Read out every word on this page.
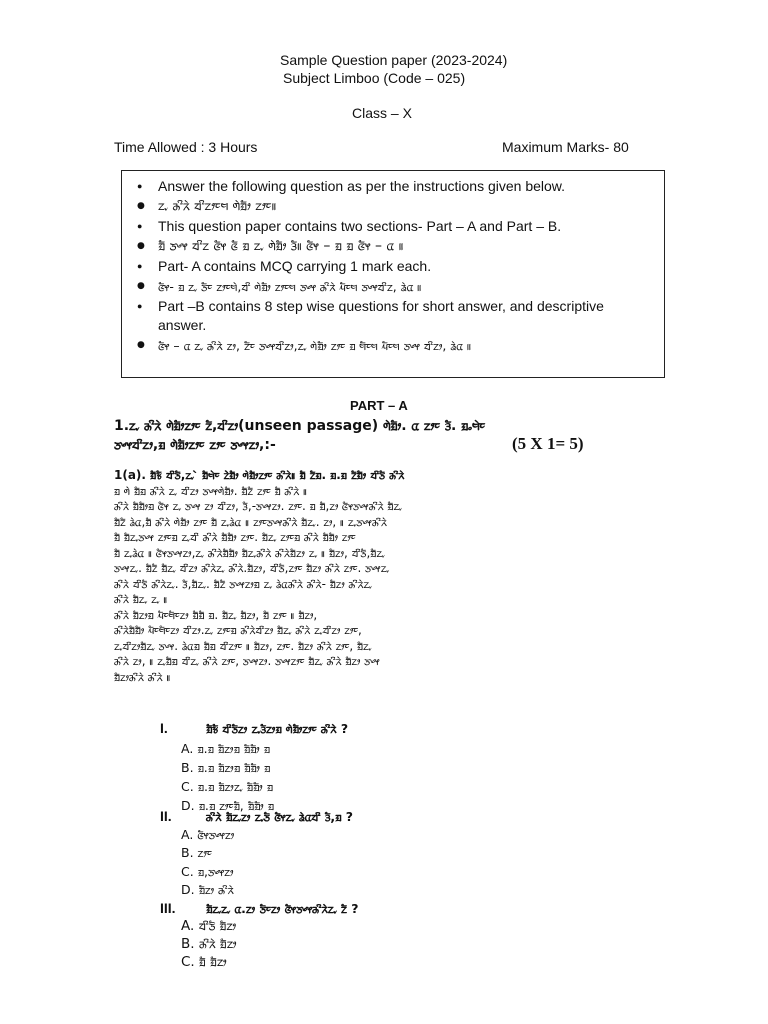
Sample Question paper (2023-2024)
Subject Limboo (Code – 025)
Class – X
Time Allowed : 3 Hours	Maximum Marks- 80
● Answer the following question as per the instructions given below.
● ᤁᤩ ᤌᤡᤖᤧ ᤔᤡᤁᤣᤰᤗ ᤛᤧᤀᤥ ᤁᤣᤰ॥
● This question paper contains two sections- Part – A and Part – B.
● ᤀᤠ ᤍᤴᤶ ᤔᤡᤁ ᤜᤠᤶ ᤜᤠ ᤀ ᤁᤩ ᤛᤧᤀᤥ ᤋᤠ॥ ᤜᤠᤶ – ᤀ ᤀ ᤜᤠᤶ – ᤂ ॥
● Part- A contains MCQ carrying 1 mark each.
● ᤜᤠᤶ- ᤀ ᤁᤩ ᤍᤠᤰ ᤁᤣᤰᤗᤧ,ᤔᤡ ᤛᤧᤀᤥ ᤁᤣᤰᤗ ᤍᤴᤶ ᤌᤡᤖᤧ ᤘᤠᤰᤗ ᤍᤴᤶᤔᤡᤁ, ᤕᤧᤂ ॥
● Part –B contains 8 step wise questions for short answer, and descriptive answer.
● ᤜᤠᤶ – ᤂ ᤁᤩ ᤌᤡᤖᤧ ᤁᤣ, ᤁᤠᤰ ᤍᤴᤶᤔᤡᤁᤣ,ᤁᤩ ᤛᤧᤀᤥ ᤁᤣᤰ ᤀ ᤗᤠᤰᤗ ᤘᤠᤰᤗ ᤍᤴᤶ ᤔᤡᤁᤣ, ᤕᤧᤂ ॥
PART – A
1.ᤁᤩ ᤌᤡᤖᤧ ᤛᤧᤀᤥᤁᤣᤰ ᤁᤠ,ᤔᤡᤁᤣ(unseen passage) ᤛᤧᤀᤥ. ᤂ ᤁᤣᤰ ᤋᤠ. ᤀᤱᤗᤧᤰ
ᤍᤴᤶᤔᤡᤁᤣ,ᤀ ᤛᤧᤀᤥᤁᤣᤰ ᤁᤣᤰ ᤍᤴᤶᤁᤣ,:-	(5 X 1= 5)
1(a). ᤀᤠᤃᤠ ᤔᤡᤍᤠ,ᤁᤩ ᤧ ᤀᤠᤗᤧᤰ ᤁᤧᤧᤀᤥ ᤛᤧᤀᤥᤁᤣᤰ ᤌᤡᤖᤧ॥ ᤀᤠ ᤁᤠᤀ. ᤀ.ᤀ ᤁᤠᤀᤥ ᤔᤡᤍᤠ ᤌᤡᤖᤧ
ᤀ ᤛᤧ ᤀᤠᤀ ᤌᤡᤖᤧ ᤁᤩ ᤔᤡᤁᤣ ᤍᤴᤶᤛᤧᤀᤥ. ᤀᤠᤁᤠ ᤁᤣᤰ ᤀᤠ ᤌᤡᤖᤧ ॥
ᤌᤡᤖᤧ ᤀᤠᤀᤥᤀ ᤜᤠᤶ ᤁᤩ ᤍᤴᤶ ᤁᤣ ᤔᤡᤁᤣ, ᤋᤠ,-ᤍᤴᤶᤁᤣ. ᤁᤣᤰ. ᤀ ᤀᤠ,ᤁᤣ ᤜᤠᤶᤍᤴᤶᤌᤡᤖᤧ ᤀᤠᤁᤩ
ᤀᤠᤁᤠ ᤕᤧᤂ,ᤀᤠ ᤌᤡᤖᤧ ᤛᤧᤀᤥ ᤁᤣᤰ ᤀᤠ ᤁᤩᤕᤧᤂ ॥ ᤁᤣᤰᤍᤴᤶᤌᤡᤖᤧ ᤀᤠᤁᤩ. ᤁᤣ, ॥ ᤁᤩᤍᤴᤶᤌᤡᤖᤧ
ᤀᤠ ᤀᤠᤁᤩᤍᤴᤶ ᤁᤣᤰᤀ ᤁᤩᤔᤡ ᤌᤡᤖᤧ ᤀᤠᤀᤥ ᤁᤣᤰ. ᤀᤠᤁᤩ ᤁᤣᤰᤀ ᤌᤡᤖᤧ ᤀᤠᤀᤥ ᤁᤣᤰ
ᤀᤠ ᤁᤩᤕᤧᤂ ॥ ᤜᤠᤶᤍᤴᤶᤁᤣ,ᤁᤩ ᤌᤡᤖᤧᤀᤠᤀᤥ ᤀᤠᤁᤩᤌᤡᤖᤧ ᤌᤡᤖᤧᤀᤠᤁᤣ ᤁᤩ ॥ ᤀᤠᤁᤣ, ᤔᤡᤍᤠ,ᤀᤠᤁᤩ
ᤍᤴᤶᤁᤩ. ᤀᤠᤁᤠ ᤀᤠᤁᤩ ᤔᤡᤁᤣ ᤌᤡᤖᤧᤁᤩ ᤌᤡᤖᤧ.ᤀᤠᤁᤣ, ᤔᤡᤍᤠ,ᤁᤣᤰ ᤀᤠᤁᤣ ᤌᤡᤖᤧ ᤁᤣᤰ. ᤍᤴᤶᤁᤩ
ᤌᤡᤖᤧ ᤔᤡᤍᤠ ᤌᤡᤖᤧᤁᤩ. ᤋᤠ,ᤀᤠᤁᤩ. ᤀᤠᤁᤠ ᤍᤴᤶᤁᤣᤀ ᤁᤩ ᤕᤧᤂᤌᤡᤖᤧ ᤌᤡᤖᤧ- ᤀᤠᤁᤣ ᤌᤡᤖᤧᤁᤩ
ᤌᤡᤖᤧ ᤀᤠᤁᤩ ᤁᤩ ॥
ᤌᤡᤖᤧ ᤀᤠᤁᤣᤀ ᤘᤠᤰᤗᤠᤰᤁᤣ ᤀᤠᤀᤠ ᤀ. ᤀᤠᤁᤩ ᤀᤠᤁᤣ, ᤀᤠ ᤁᤣᤰ ॥ ᤀᤠᤁᤣ,
ᤌᤡᤖᤧᤀᤠᤀᤥ ᤘᤠᤰᤗᤠᤰᤁᤣ ᤔᤡᤁᤣ.ᤁᤩ ᤁᤣᤰᤀ ᤌᤡᤖᤧᤔᤡᤁᤣ ᤀᤠᤁᤩ ᤌᤡᤖᤧ ᤁᤩᤔᤡᤁᤣ ᤁᤣᤰ,
ᤁᤩᤔᤡᤁᤣᤀᤠᤁᤩ ᤍᤴᤶ. ᤕᤧᤂᤀ ᤀᤠᤀ ᤔᤡᤁᤣᤰ ॥ ᤀᤠᤁᤣ, ᤁᤣᤰ. ᤀᤠᤁᤣ ᤌᤡᤖᤧ ᤁᤣᤰ, ᤀᤠᤁᤩ
ᤌᤡᤖᤧ ᤁᤣ, ॥ ᤁᤩᤀᤠᤀ ᤔᤡᤁᤩ ᤌᤡᤖᤧ ᤁᤣᤰ, ᤍᤴᤶᤁᤣ. ᤍᤴᤶᤁᤣᤰ ᤀᤠᤁᤩ ᤌᤡᤖᤧ ᤀᤠᤁᤣ ᤍᤴᤶ
ᤀᤠᤁᤣᤌᤡᤖᤧ ᤌᤡᤖᤧ ॥
I.	ᤀᤠᤃᤠ ᤔᤡᤍᤠᤁᤣ ᤁᤩᤋᤠᤁᤣᤀ ᤛᤧᤀᤥᤁᤣᤰ ᤌᤡᤖᤧ ?
A. ᤀ.ᤀ ᤀᤠᤁᤣᤀ ᤀᤠᤀᤥ ᤀ
B. ᤀ.ᤀ ᤀᤠᤁᤣᤀ ᤀᤠᤀᤥ ᤀ
C. ᤀ.ᤀ ᤀᤠᤁᤣᤁᤩ ᤀᤠᤀᤥ ᤀ
D. ᤀ.ᤀ ᤁᤣᤰᤀᤠ, ᤀᤠᤀᤥ ᤀ
II.	ᤌᤡᤖᤧ ᤀᤠᤁᤩᤁᤣ ᤁᤩᤍᤠ ᤜᤠᤶᤁᤩ ᤕᤧᤂᤔᤡ ᤋᤠ,ᤀ ?
A. ᤜᤠᤶᤍᤴᤶᤁᤣ
B. ᤁᤣᤰ
C. ᤀ,ᤍᤴᤶᤁᤣ
D. ᤀᤠᤁᤣ ᤌᤡᤖᤧ
III. ᤀᤠᤁᤩᤁᤩ ᤂ.ᤁᤣ ᤍᤠᤰᤁᤣ ᤜᤠᤶᤍᤴᤶᤌᤡᤖᤧᤁᤩ ᤁᤠ ?
A. ᤔᤡᤍᤠ ᤀᤠᤁᤣ
B. ᤌᤡᤖᤧ ᤀᤠᤁᤣ
C. ᤀᤠ ᤀᤠᤁᤣ
